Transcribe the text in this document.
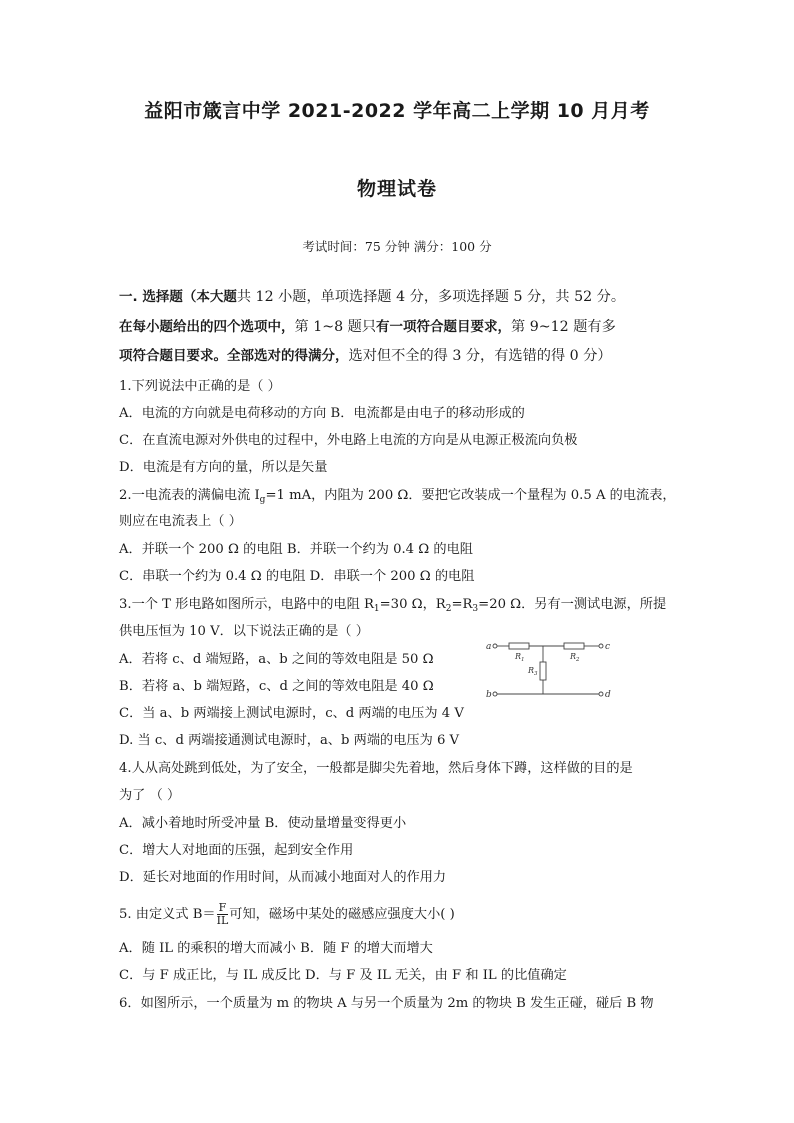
益阳市箴言中学 2021-2022 学年高二上学期 10 月月考
物理试卷
考试时间：75 分钟 满分：100 分
一. 选择题（本大题共 12 小题，单项选择题 4 分，多项选择题 5 分，共 52 分。
在每小题给出的四个选项中，第 1~8 题只有一项符合题目要求，第 9~12 题有多
项符合题目要求。全部选对的得满分，选对但不全的得 3 分，有选错的得 0 分）
1.下列说法中正确的是（ ）
A．电流的方向就是电荷移动的方向 B．电流都是由电子的移动形成的
C．在直流电源对外供电的过程中，外电路上电流的方向是从电源正极流向负极
D．电流是有方向的量，所以是矢量
2.一电流表的满偏电流 $I_g=1$ mA，内阻为 200 Ω．要把它改装成一个量程为 0.5 A 的电流表，
则应在电流表上（ ）
A．并联一个 200 Ω 的电阻 B．并联一个约为 0.4 Ω 的电阻
C．串联一个约为 0.4 Ω 的电阻 D．串联一个 200 Ω 的电阻
3.一个 T 形电路如图所示，电路中的电阻 $R_1=30$ Ω，$R_2=R_3=20$ Ω．另有一测试电源，所提
供电压恒为 10 V．以下说法正确的是（ ）
A．若将 c、d 端短路，a、b 之间的等效电阻是 50 Ω
B．若将 a、b 端短路，c、d 之间的等效电阻是 40 Ω
C．当 a、b 两端接上测试电源时，c、d 两端的电压为 4 V
D. 当 c、d 两端接通测试电源时，a、b 两端的电压为 6 V
a
b
c
d
$R_1$	$R_2$
$R_3$
4.人从高处跳到低处，为了安全，一般都是脚尖先着地，然后身体下蹲，这样做的目的是
为了 （ ）
A．减小着地时所受冲量 B．使动量增量变得更小
C．增大人对地面的压强，起到安全作用
D．延长对地面的作用时间，从而减小地面对人的作用力
5. 由定义式 $B= \frac{F}{IL}$ 可知，磁场中某处的磁感应强度大小( )
A．随 IL 的乘积的增大而减小 B．随 F 的增大而增大
C．与 F 成正比，与 IL 成反比 D．与 F 及 IL 无关，由 F 和 IL 的比值确定
6．如图所示，一个质量为 m 的物块 A 与另一个质量为 2m 的物块 B 发生正碰，碰后 B 物
